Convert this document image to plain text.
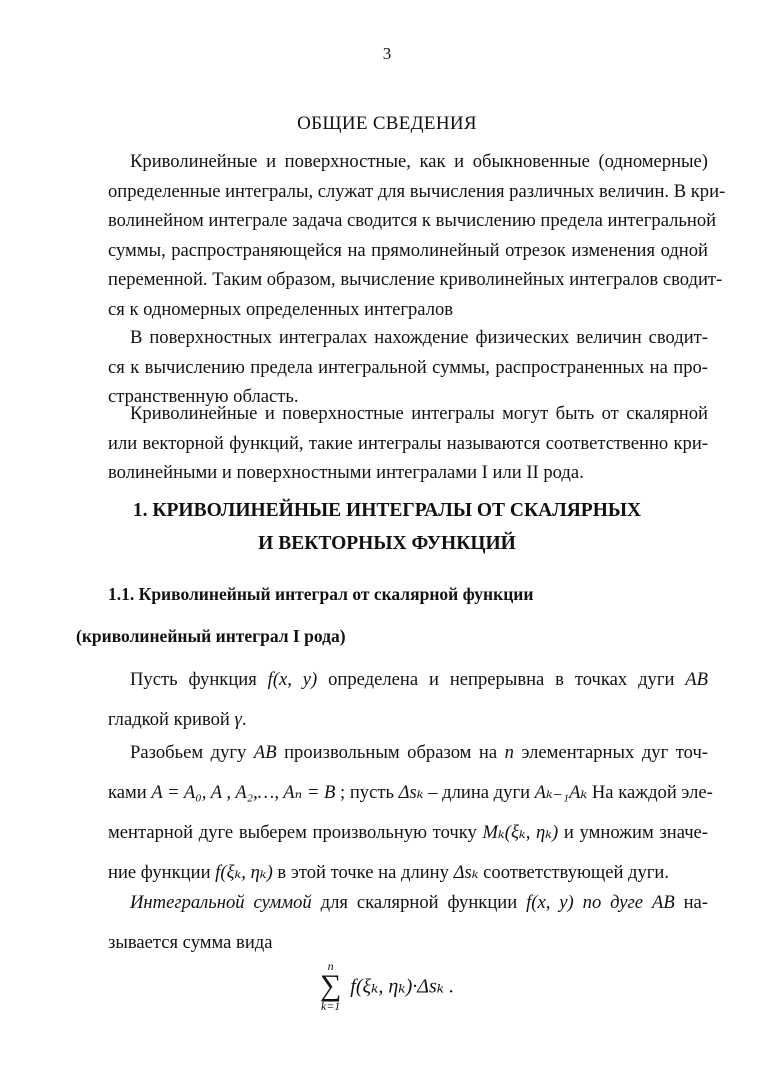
3
ОБЩИЕ СВЕДЕНИЯ
Криволинейные и поверхностные, как и обыкновенные (одномерные)
определенные интегралы, служат для вычисления различных величин. В кри-
волинейном интеграле задача сводится к вычислению предела интегральной
суммы, распространяющейся на прямолинейный отрезок изменения одной
переменной. Таким образом, вычисление криволинейных интегралов сводит-
ся к одномерных определенных интегралов
В поверхностных интегралах нахождение физических величин сводит-
ся к вычислению предела интегральной суммы, распространенных на про-
странственную область.
Криволинейные и поверхностные интегралы могут быть от скалярной
или векторной функций, такие интегралы называются соответственно кри-
волинейными и поверхностными интегралами I или II рода.
1. КРИВОЛИНЕЙНЫЕ ИНТЕГРАЛЫ ОТ СКАЛЯРНЫХ
И ВЕКТОРНЫХ ФУНКЦИЙ
1.1. Криволинейный интеграл от скалярной функции
(криволинейный интеграл I рода)
Пусть функция f(x, y) определена и непрерывна в точках дуги AB
гладкой кривой γ.
Разобьем дугу AB произвольным образом на n элементарных дуг точ-
ками A = A₀, A , A₂,…, Aₙ = B ; пусть Δsₖ – длина дуги Aₖ₋₁Aₖ На каждой эле-
ментарной дуге выберем произвольную точку Mₖ(ξₖ, ηₖ) и умножим значе-
ние функции f(ξₖ, ηₖ) в этой точке на длину Δsₖ соответствующей дуги.
Интегральной суммой для скалярной функции f(x, y) по дуге AB на-
зывается сумма вида
n
∑
k=1
f(ξₖ, ηₖ)·Δsₖ .
